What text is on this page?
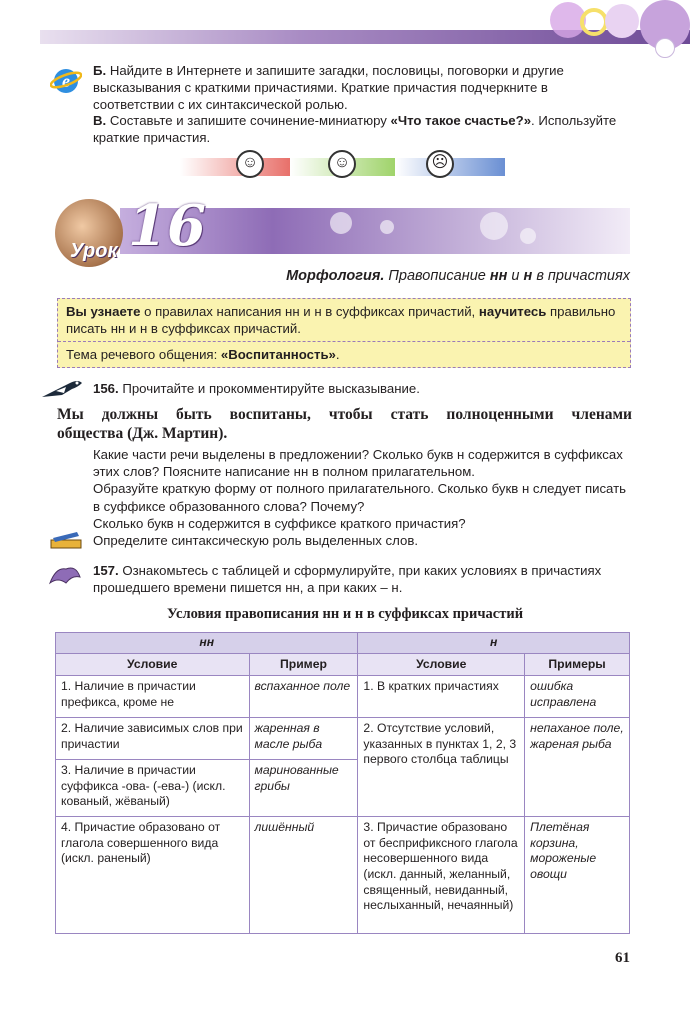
e
Б. Найдите в Интернете и запишите загадки, пословицы, поговорки и другие высказывания с краткими причастиями. Краткие причастия подчеркните в соответствии с их синтаксической ролью.
В. Составьте и запишите сочинение-миниатюру «Что такое счастье?». Используйте краткие причастия.
☺	☺	☹
Урок 16
Морфология. Правописание нн и н в причастиях
Вы узнаете о правилах написания нн и н в суффиксах причастий, научитесь правильно писать нн и н в суффиксах причастий.
Тема речевого общения: «Воспитанность».
156. Прочитайте и прокомментируйте высказывание.
Мы должны быть воспитаны, чтобы стать полноценными членами
общества (Дж. Мартин).
Какие части речи выделены в предложении? Сколько букв н содержится в суффиксах этих слов? Поясните написание нн в полном прилагательном.
Образуйте краткую форму от полного прилагательного. Сколько букв н следует писать в суффиксе образованного слова? Почему?
Сколько букв н содержится в суффиксе краткого причастия?
Определите синтаксическую роль выделенных слов.
157. Ознакомьтесь с таблицей и сформулируйте, при каких условиях в причастиях прошедшего времени пишется нн, а при каких – н.
Условия правописания нн и н в суффиксах причастий
нн		н	
Условие	Пример	Условие	Примеры
1. Наличие в причастии префикса, кроме не	вспаханное поле	1. В кратких причастиях	ошибка исправлена
2. Наличие зависимых слов при причастии	жаренная в масле рыба	2. Отсутствие условий, указанных в пунктах 1, 2, 3 первого столбца таблицы	непаханое поле, жареная рыба
3. Наличие в причастии суффикса -ова- (-ева-) (искл. кованый, жёваный)	маринованные грибы		
4. Причастие образовано от глагола совершенного вида (искл. раненый)	лишённый	3. Причастие образовано от беспрификсного глагола несовершенного вида (искл. данный, желанный, священный, невиданный, неслыханный, нечаянный)	Плетёная корзина, мороженые овощи
61
